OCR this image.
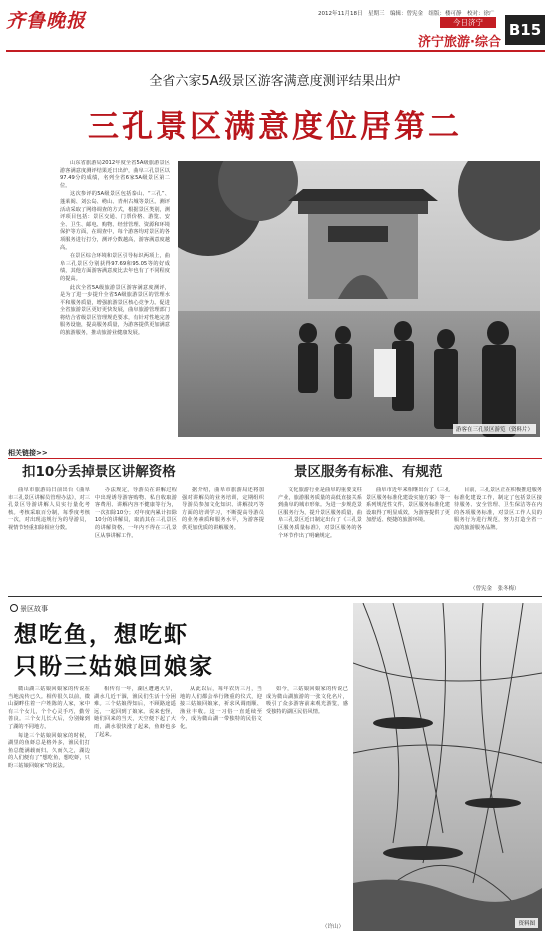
齐鲁晚报	2012年11月18日　星期三　编辑：曾宪金　组版：楼可静　校对：徐广
今日济宁
济宁旅游·综合
B15
全省六家5A级景区游客满意度测评结果出炉
三孔景区满意度位居第二

山东省旅游局2012年度全省5A级旅游景区游客满意度测评结果近日出炉，曲阜三孔景区以97.49分的成绩，名列全省6家5A级景区第二位。

这次参评的5A级景区包括泰山、“三孔”、蓬莱阁、刘公岛、崂山、青州古城等景区。测评活动采取了网络调查的方式，根据景区类别，测评项目包括：景区交通、门票价格、游览、安全、卫生、邮电、购物、经营管理、资源和环境保护等方面，在调查中，每个游客均对景区的各项服务进行打分，测评分数越高，游客满意度越高。

在景区综合环境和景区引导标识两项上，曲阜三孔景区分别获得97.69和95.05等的好成绩，其他方面游客满意度比去年也有了不同程度的提高。

此次全省5A级旅游景区游客满意度测评，是为了进一步提升全省5A级旅游景区的管理水平和服务质量，增强旅游景区核心竞争力。促进全省旅游景区更好更快发展，曲阜旅游管理部门将结合省级景区管理规范要求，有针对性地完善服务设施，提高服务质量，为游客提供更加满意的旅游服务，推动旅游业健康发展。

游客在三孔景区游览（资料片）
相关链接>>
扣10分丢掉景区讲解资格

曲阜市旅游局日前出台《曲阜市三孔景区讲解员管理办法》，对三孔景区导游讲解人员实行量化考核。考核采取百分制，每季度考核一次，对出现违规行为的导游员，视情节轻重扣除相应分数。

办法规定，导游员在讲解过程中出现诱导游客购物、私自收取游客费用、讲解内容不健康等行为，一次扣除10分；对年度内累计扣除10分的讲解员，取消其在三孔景区的讲解资格，一年内不得在三孔景区从事讲解工作。

据介绍，曲阜市旅游局还将加强对讲解员的业务培训，定期组织导游员参加文化知识、讲解技巧等方面的培训学习，不断提高导游员的业务素质和服务水平，为游客提供更加优质的讲解服务。

景区服务有标准、有规范

文化旅游行业是曲阜的重要支柱产业，旅游服务质量的高低直接关系到曲阜的城市形象。为进一步规范景区服务行为，提升景区服务质量，曲阜三孔景区近日制定出台了《三孔景区服务质量标准》，对景区服务的各个环节作出了明确规定。

曲阜市近年来相继出台了《三孔景区服务标准化建设实施方案》等一系列规范性文件，景区服务标准化建设取得了明显成效，为游客提供了更加舒适、便捷的旅游环境。

目前，三孔景区正在积极推进服务标准化建设工作，制定了包括景区接待服务、安全管理、卫生保洁等在内的各项服务标准，对景区工作人员的服务行为进行规范，努力打造全省一流的旅游服务品牌。

（曾宪金　张冬梅）
景区故事
想吃鱼，想吃虾
只盼三姑娘回娘家

微山湖三姑娘回娘家的传说在当地流传已久。相传很久以前，微山湖畔住着一户姓陈的人家，家中有三个女儿，个个心灵手巧，勤劳善良。三个女儿长大后，分别嫁到了湖的不同地方。

每逢三个姑娘回娘家的时候，湖里的鱼虾总是格外多，渔民们打鱼总能满载而归。久而久之，湖边的人们便有了“想吃鱼，想吃虾，只盼三姑娘回娘家”的说法。

相传有一年，湖区遭遇大旱，湖水几近干涸，渔民们生活十分困难。三个姑娘得知后，不顾路途遥远，一起回到了娘家。说来也怪，她们回来的当天，天空便下起了大雨，湖水很快涨了起来，鱼虾也多了起来。

从此以后，每年农历三月，当地的人们都会举行隆重的仪式，迎接三姑娘回娘家，祈求风调雨顺、渔业丰收。这一习俗一直延续至今，成为微山湖一带独特的民俗文化。

如今，三姑娘回娘家的传说已成为微山湖旅游的一张文化名片，吸引了众多游客前来观光游览，感受独特的湖区民俗风情。

（许山）	资料图
